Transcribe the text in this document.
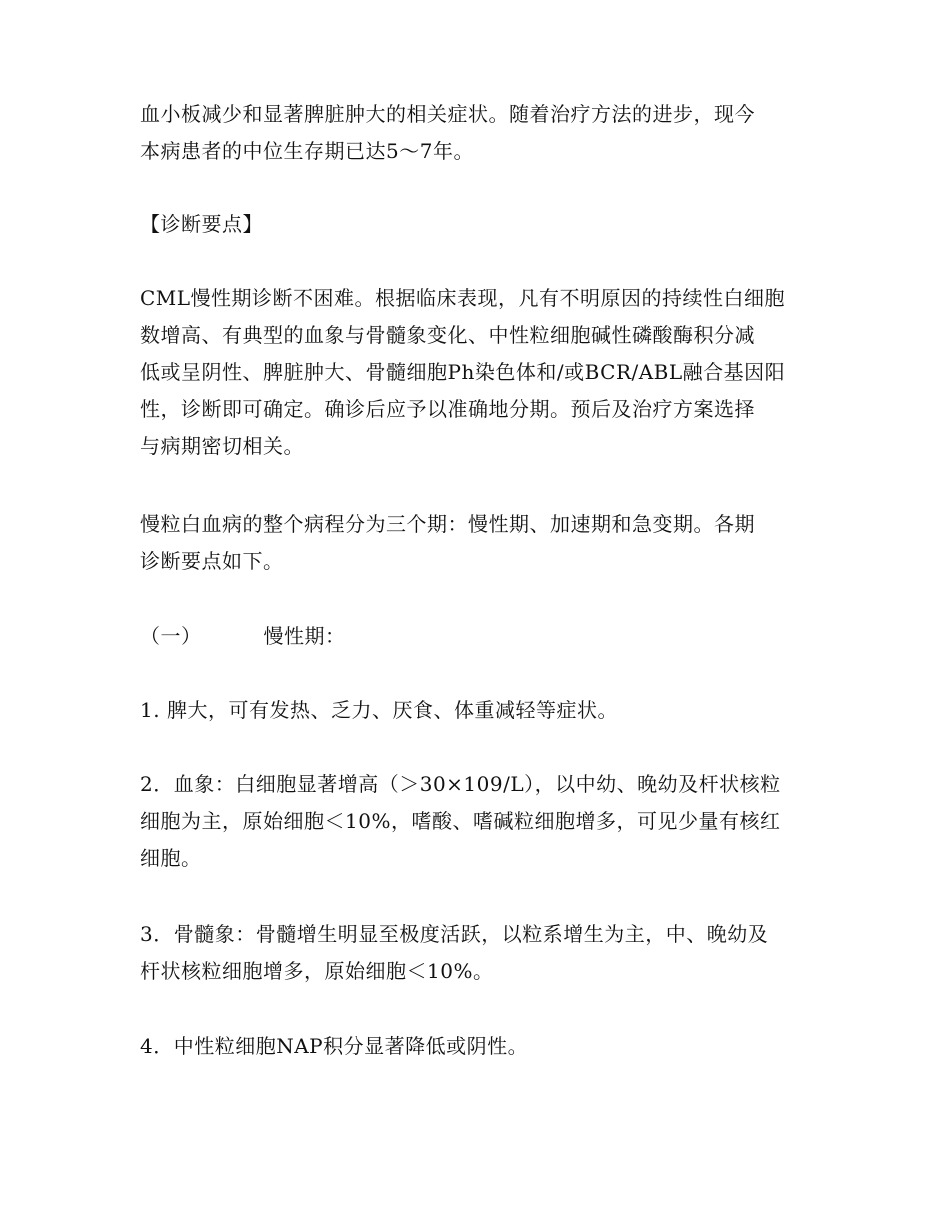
血小板减少和显著脾脏肿大的相关症状。随着治疗方法的进步，现今
本病患者的中位生存期已达5～7年。

【诊断要点】

CML慢性期诊断不困难。根据临床表现，凡有不明原因的持续性白细胞
数增高、有典型的血象与骨髓象变化、中性粒细胞碱性磷酸酶积分减
低或呈阴性、脾脏肿大、骨髓细胞Ph染色体和/或BCR/ABL融合基因阳
性，诊断即可确定。确诊后应予以准确地分期。预后及治疗方案选择
与病期密切相关。

慢粒白血病的整个病程分为三个期：慢性期、加速期和急变期。各期
诊断要点如下。

（一）	慢性期：

1. 脾大，可有发热、乏力、厌食、体重减轻等症状。

2．血象：白细胞显著增高（＞30×109/L），以中幼、晚幼及杆状核粒
细胞为主，原始细胞＜10%，嗜酸、嗜碱粒细胞增多，可见少量有核红
细胞。

3．骨髓象：骨髓增生明显至极度活跃，以粒系增生为主，中、晚幼及
杆状核粒细胞增多，原始细胞＜10%。

4．中性粒细胞NAP积分显著降低或阴性。
